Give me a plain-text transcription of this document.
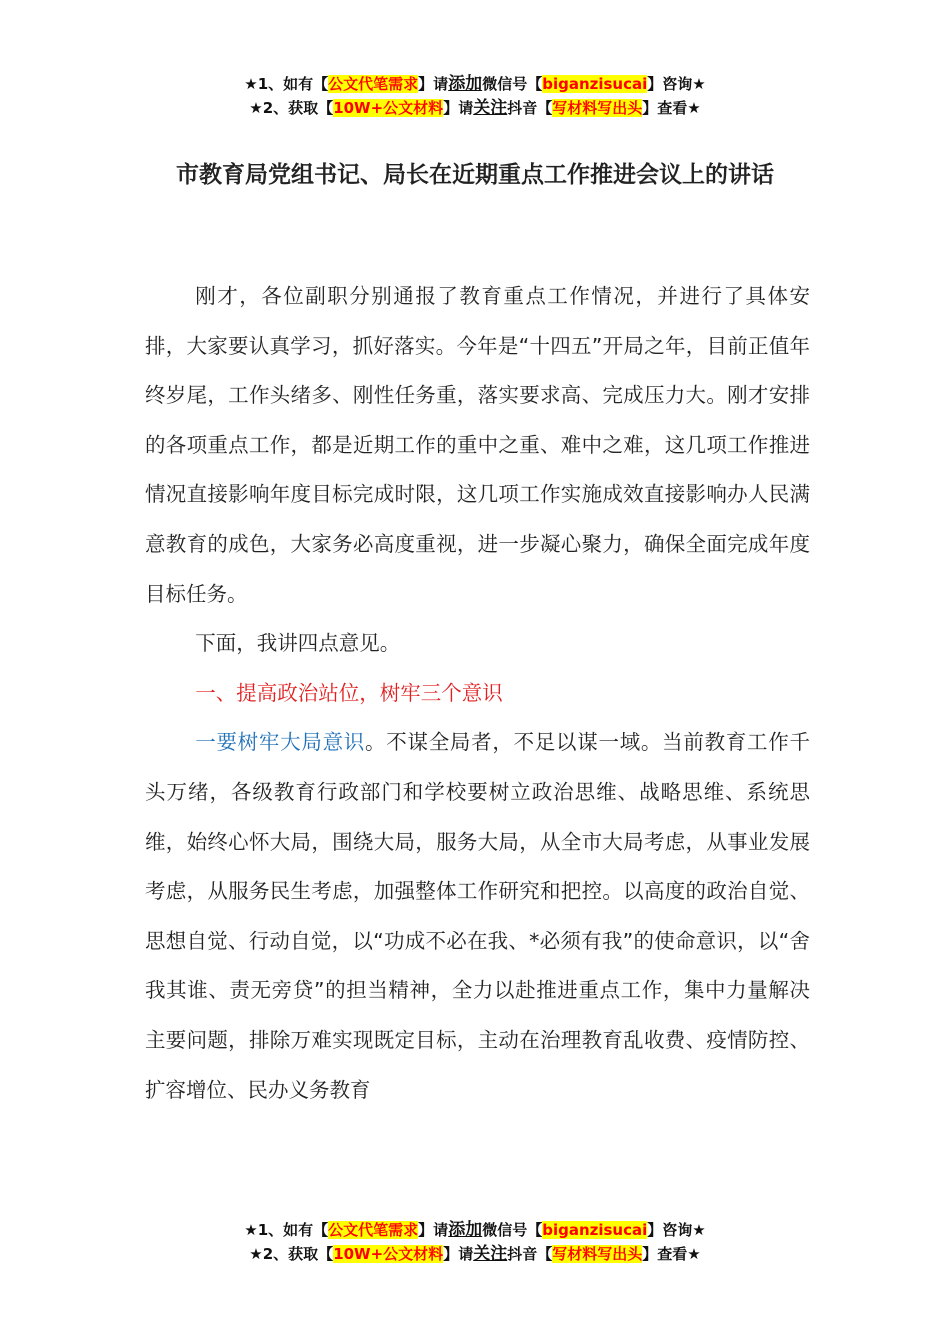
★1、如有【公文代笔需求】请添加微信号【biganzisucai】咨询★
★2、获取【10W+公文材料】请关注抖音【写材料写出头】查看★
市教育局党组书记、局长在近期重点工作推进会议上的讲话

刚才，各位副职分别通报了教育重点工作情况，并进行了具体安排，大家要认真学习，抓好落实。今年是“十四五”开局之年，目前正值年终岁尾，工作头绪多、刚性任务重，落实要求高、完成压力大。刚才安排的各项重点工作，都是近期工作的重中之重、难中之难，这几项工作推进情况直接影响年度目标完成时限，这几项工作实施成效直接影响办人民满意教育的成色，大家务必高度重视，进一步凝心聚力，确保全面完成年度目标任务。

下面，我讲四点意见。

一、提高政治站位，树牢三个意识

一要树牢大局意识。不谋全局者，不足以谋一域。当前教育工作千头万绪，各级教育行政部门和学校要树立政治思维、战略思维、系统思维，始终心怀大局，围绕大局，服务大局，从全市大局考虑，从事业发展考虑，从服务民生考虑，加强整体工作研究和把控。以高度的政治自觉、思想自觉、行动自觉，以“功成不必在我、*必须有我”的使命意识，以“舍我其谁、责无旁贷”的担当精神，全力以赴推进重点工作，集中力量解决主要问题，排除万难实现既定目标，主动在治理教育乱收费、疫情防控、扩容增位、民办义务教育

★1、如有【公文代笔需求】请添加微信号【biganzisucai】咨询★
★2、获取【10W+公文材料】请关注抖音【写材料写出头】查看★
